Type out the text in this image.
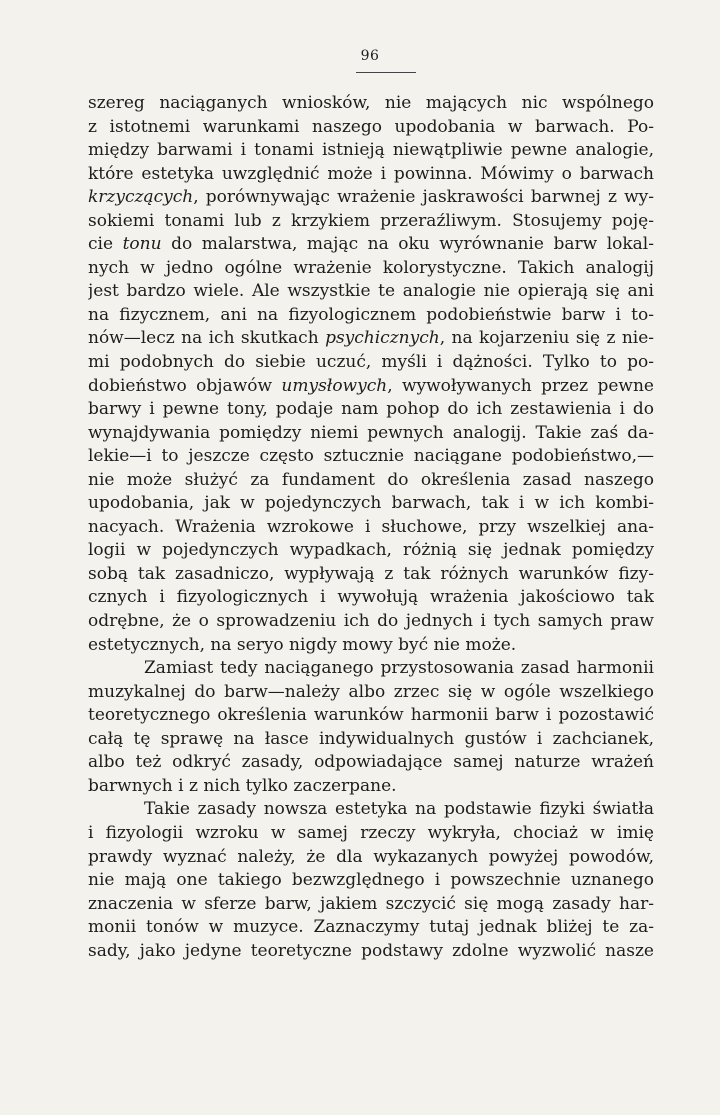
96
szereg naciąganych wniosków, nie mających nic wspólnego
z istotnemi warunkami naszego upodobania w barwach. Po-
między barwami i tonami istnieją niewątpliwie pewne analogie,
które estetyka uwzględnić może i powinna. Mówimy o barwach
krzyczących, porównywając wrażenie jaskrawości barwnej z wy-
sokiemi tonami lub z krzykiem przeraźliwym. Stosujemy poję-
cie tonu do malarstwa, mając na oku wyrównanie barw lokal-
nych w jedno ogólne wrażenie kolorystyczne. Takich analogij
jest bardzo wiele. Ale wszystkie te analogie nie opierają się ani
na fizycznem, ani na fizyologicznem podobieństwie barw i to-
nów—lecz na ich skutkach psychicznych, na kojarzeniu się z nie-
mi podobnych do siebie uczuć, myśli i dążności. Tylko to po-
dobieństwo objawów umysłowych, wywoływanych przez pewne
barwy i pewne tony, podaje nam pohop do ich zestawienia i do
wynajdywania pomiędzy niemi pewnych analogij. Takie zaś da-
lekie—i to jeszcze często sztucznie naciągane podobieństwo,—
nie może służyć za fundament do określenia zasad naszego
upodobania, jak w pojedynczych barwach, tak i w ich kombi-
nacyach. Wrażenia wzrokowe i słuchowe, przy wszelkiej ana-
logii w pojedynczych wypadkach, różnią się jednak pomiędzy
sobą tak zasadniczo, wypływają z tak różnych warunków fizy-
cznych i fizyologicznych i wywołują wrażenia jakościowo tak
odrębne, że o sprowadzeniu ich do jednych i tych samych praw
estetycznych, na seryo nigdy mowy być nie może.
Zamiast tedy naciąganego przystosowania zasad harmonii
muzykalnej do barw—należy albo zrzec się w ogóle wszelkiego
teoretycznego określenia warunków harmonii barw i pozostawić
całą tę sprawę na łasce indywidualnych gustów i zachcianek,
albo też odkryć zasady, odpowiadające samej naturze wrażeń
barwnych i z nich tylko zaczerpane.
Takie zasady nowsza estetyka na podstawie fizyki światła
i fizyologii wzroku w samej rzeczy wykryła, chociaż w imię
prawdy wyznać należy, że dla wykazanych powyżej powodów,
nie mają one takiego bezwzględnego i powszechnie uznanego
znaczenia w sferze barw, jakiem szczycić się mogą zasady har-
monii tonów w muzyce. Zaznaczymy tutaj jednak bliżej te za-
sady, jako jedyne teoretyczne podstawy zdolne wyzwolić nasze
